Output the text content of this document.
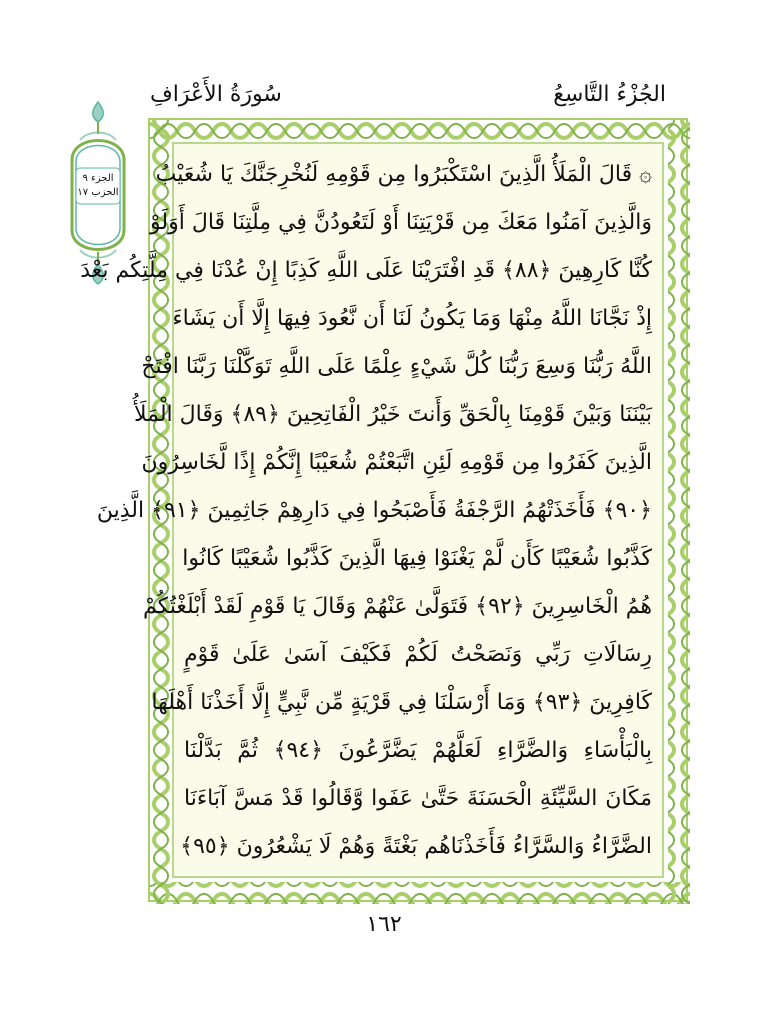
الجُزْءُ التَّاسِعُ
سُورَةُ الأَعْرَافِ
الجزء ٩
الحزب ١٧
۞ قَالَ الْمَلَأُ الَّذِينَ اسْتَكْبَرُوا مِن قَوْمِهِ لَنُخْرِجَنَّكَ يَا شُعَيْبُ
وَالَّذِينَ آمَنُوا مَعَكَ مِن قَرْيَتِنَا أَوْ لَتَعُودُنَّ فِي مِلَّتِنَا قَالَ أَوَلَوْ
كُنَّا كَارِهِينَ ﴿٨٨﴾ قَدِ افْتَرَيْنَا عَلَى اللَّهِ كَذِبًا إِنْ عُدْنَا فِي مِلَّتِكُم بَعْدَ
إِذْ نَجَّانَا اللَّهُ مِنْهَا وَمَا يَكُونُ لَنَا أَن نَّعُودَ فِيهَا إِلَّا أَن يَشَاءَ
اللَّهُ رَبُّنَا وَسِعَ رَبُّنَا كُلَّ شَيْءٍ عِلْمًا عَلَى اللَّهِ تَوَكَّلْنَا رَبَّنَا افْتَحْ
بَيْنَنَا وَبَيْنَ قَوْمِنَا بِالْحَقِّ وَأَنتَ خَيْرُ الْفَاتِحِينَ ﴿٨٩﴾ وَقَالَ الْمَلَأُ
الَّذِينَ كَفَرُوا مِن قَوْمِهِ لَئِنِ اتَّبَعْتُمْ شُعَيْبًا إِنَّكُمْ إِذًا لَّخَاسِرُونَ
﴿٩٠﴾ فَأَخَذَتْهُمُ الرَّجْفَةُ فَأَصْبَحُوا فِي دَارِهِمْ جَاثِمِينَ ﴿٩١﴾ الَّذِينَ
كَذَّبُوا شُعَيْبًا كَأَن لَّمْ يَغْنَوْا فِيهَا الَّذِينَ كَذَّبُوا شُعَيْبًا كَانُوا
هُمُ الْخَاسِرِينَ ﴿٩٢﴾ فَتَوَلَّىٰ عَنْهُمْ وَقَالَ يَا قَوْمِ لَقَدْ أَبْلَغْتُكُمْ
رِسَالَاتِ رَبِّي وَنَصَحْتُ لَكُمْ فَكَيْفَ آسَىٰ عَلَىٰ قَوْمٍ
كَافِرِينَ ﴿٩٣﴾ وَمَا أَرْسَلْنَا فِي قَرْيَةٍ مِّن نَّبِيٍّ إِلَّا أَخَذْنَا أَهْلَهَا
بِالْبَأْسَاءِ وَالضَّرَّاءِ لَعَلَّهُمْ يَضَّرَّعُونَ ﴿٩٤﴾ ثُمَّ بَدَّلْنَا
مَكَانَ السَّيِّئَةِ الْحَسَنَةَ حَتَّىٰ عَفَوا وَّقَالُوا قَدْ مَسَّ آبَاءَنَا
الضَّرَّاءُ وَالسَّرَّاءُ فَأَخَذْنَاهُم بَغْتَةً وَهُمْ لَا يَشْعُرُونَ ﴿٩٥﴾
١٦٢
